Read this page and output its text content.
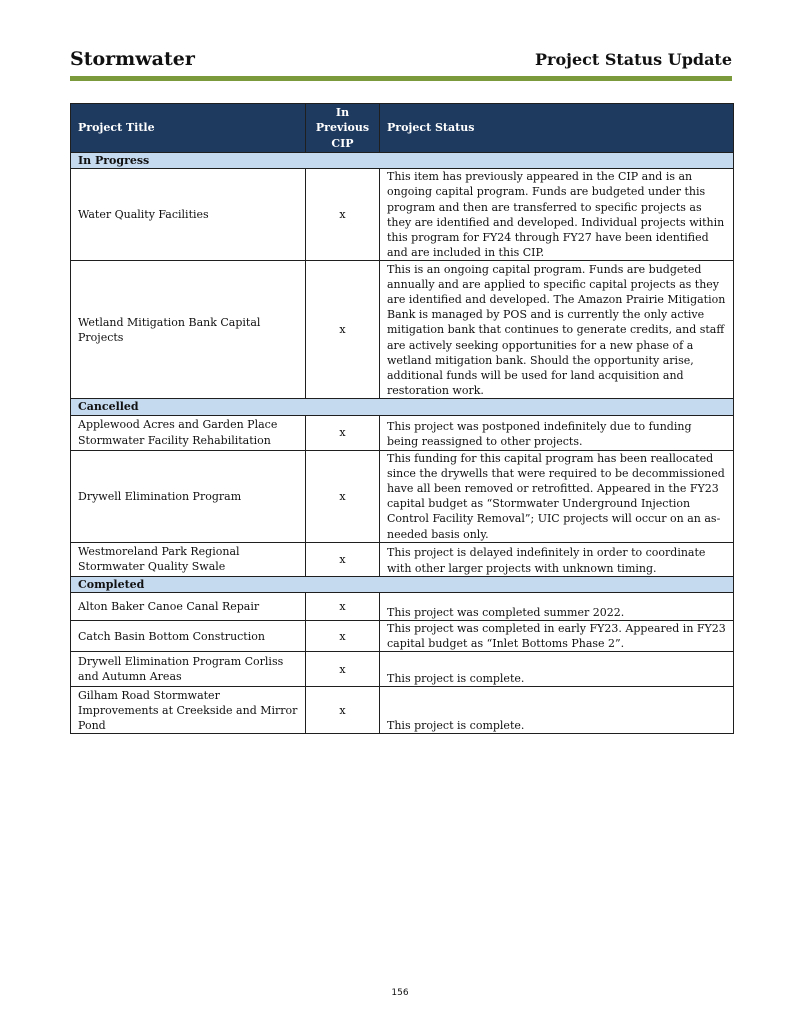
Stormwater	Project Status Update
Project Title	In Previous CIP	Project Status
In Progress		
Water Quality Facilities	x	This item has previously appeared in the CIP and is an ongoing capital program. Funds are budgeted under this program and then are transferred to specific projects as they are identified and developed. Individual projects within this program for FY24 through FY27 have been identified and are included in this CIP.
Wetland Mitigation Bank Capital Projects	x	This is an ongoing capital program. Funds are budgeted annually and are applied to specific capital projects as they are identified and developed. The Amazon Prairie Mitigation Bank is managed by POS and is currently the only active mitigation bank that continues to generate credits, and staff are actively seeking opportunities for a new phase of a wetland mitigation bank. Should the opportunity arise, additional funds will be used for land acquisition and restoration work.
Cancelled		
Applewood Acres and Garden Place Stormwater Facility Rehabilitation	x	This project was postponed indefinitely due to funding being reassigned to other projects.
Drywell Elimination Program	x	This funding for this capital program has been reallocated since the drywells that were required to be decommissioned have all been removed or retrofitted. Appeared in the FY23 capital budget as “Stormwater Underground Injection Control Facility Removal”; UIC projects will occur on an as-needed basis only.
Westmoreland Park Regional Stormwater Quality Swale	x	This project is delayed indefinitely in order to coordinate with other larger projects with unknown timing.
Completed		
Alton Baker Canoe Canal Repair	x	This project was completed summer 2022.
Catch Basin Bottom Construction	x	This project was completed in early FY23. Appeared in FY23 capital budget as “Inlet Bottoms Phase 2”.
Drywell Elimination Program Corliss and Autumn Areas	x	This project is complete.
Gilham Road Stormwater Improvements at Creekside and Mirror Pond	x	This project is complete.
156
